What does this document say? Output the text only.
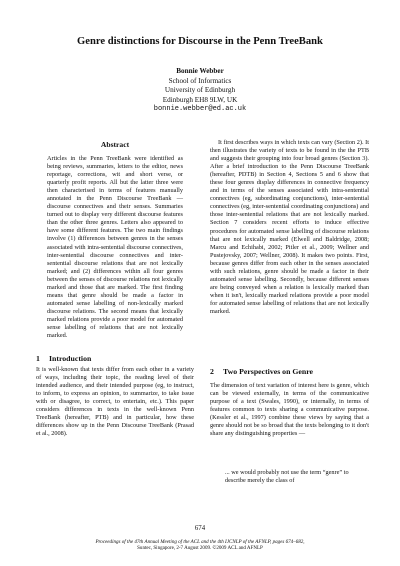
Genre distinctions for Discourse in the Penn TreeBank
Bonnie Webber
School of Informatics
University of Edinburgh
Edinburgh EH8 9LW, UK
bonnie.webber@ed.ac.uk
Abstract

Articles in the Penn TreeBank were identified as being reviews, summaries, letters to the editor, news reportage, corrections, wit and short verse, or quarterly profit reports. All but the latter three were then characterised in terms of features manually annotated in the Penn Discourse TreeBank — discourse connectives and their senses. Summaries turned out to display very different discourse features than the other three genres. Letters also appeared to have some different features. The two main findings involve (1) differences between genres in the senses associated with intra-sentential discourse connectives, inter-sentential discourse connectives and inter-sentential discourse relations that are not lexically marked; and (2) differences within all four genres between the senses of discourse relations not lexically marked and those that are marked. The first finding means that genre should be made a factor in automated sense labelling of non-lexically marked discourse relations. The second means that lexically marked relations provide a poor model for automated sense labelling of relations that are not lexically marked.

1 Introduction

It is well-known that texts differ from each other in a variety of ways, including their topic, the reading level of their intended audience, and their intended purpose (eg, to instruct, to inform, to express an opinion, to summarize, to take issue with or disagree, to correct, to entertain, etc.). This paper considers differences in texts in the well-known Penn TreeBank (hereafter, PTB) and in particular, how these differences show up in the Penn Discourse TreeBank (Prasad et al., 2008).

It first describes ways in which texts can vary (Section 2). It then illustrates the variety of texts to be found in the the PTB and suggests their grouping into four broad genres (Section 3). After a brief introduction to the Penn Discourse TreeBank (hereafter, PDTB) in Section 4, Sections 5 and 6 show that these four genres display differences in connective frequency and in terms of the senses associated with intra-sentential connectives (eg, subordinating conjunctions), inter-sentential connectives (eg, inter-sentential coordinating conjunctions) and those inter-sentential relations that are not lexically marked. Section 7 considers recent efforts to induce effective procedures for automated sense labelling of discourse relations that are not lexically marked (Elwell and Baldridge, 2008; Marcu and Echihabi, 2002; Pitler et al., 2009; Wellner and Pustejovsky, 2007; Wellner, 2008). It makes two points. First, because genres differ from each other in the senses associated with such relations, genre should be made a factor in their automated sense labelling. Secondly, because different senses are being conveyed when a relation is lexically marked than when it isn't, lexically marked relations provide a poor model for automated sense labelling of relations that are not lexically marked.

2 Two Perspectives on Genre

The dimension of text variation of interest here is genre, which can be viewed externally, in terms of the communicative purpose of a text (Swales, 1990), or internally, in terms of features common to texts sharing a communicative purpose. (Kessler et al., 1997) combine these views by saying that a genre should not be so broad that the texts belonging to it don't share any distinguishing properties —

... we would probably not use the term “genre” to describe merely the class of

674
Proceedings of the 47th Annual Meeting of the ACL and the 4th IJCNLP of the AFNLP, pages 674–682,
Suntec, Singapore, 2-7 August 2009. ©2009 ACL and AFNLP
